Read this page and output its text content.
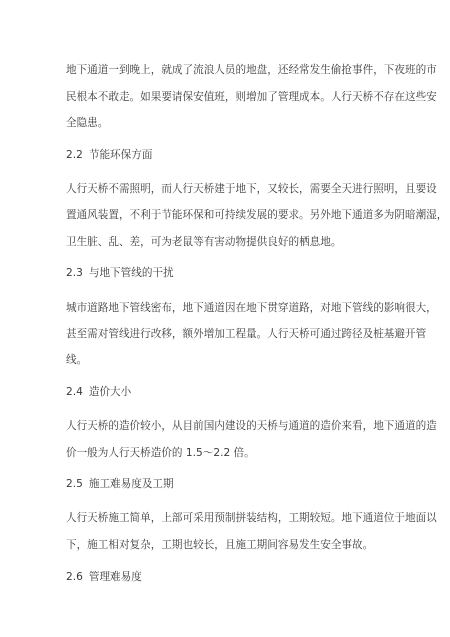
地下通道一到晚上，就成了流浪人员的地盘，还经常发生偷抢事件，下夜班的市
民根本不敢走。如果要请保安值班，则增加了管理成本。人行天桥不存在这些安
全隐患。
2.2 节能环保方面
人行天桥不需照明，而人行天桥建于地下，又较长，需要全天进行照明，且要设
置通风装置，不利于节能环保和可持续发展的要求。另外地下通道多为阴暗潮湿，
卫生脏、乱、差，可为老鼠等有害动物提供良好的栖息地。
2.3 与地下管线的干扰
城市道路地下管线密布，地下通道因在地下贯穿道路，对地下管线的影响很大，
甚至需对管线进行改移，额外增加工程量。人行天桥可通过跨径及桩基避开管
线。
2.4 造价大小
人行天桥的造价较小，从目前国内建设的天桥与通道的造价来看，地下通道的造
价一般为人行天桥造价的 1.5～2.2 倍。
2.5 施工难易度及工期
人行天桥施工简单，上部可采用预制拼装结构，工期较短。地下通道位于地面以
下，施工相对复杂，工期也较长，且施工期间容易发生安全事故。
2.6 管理难易度
